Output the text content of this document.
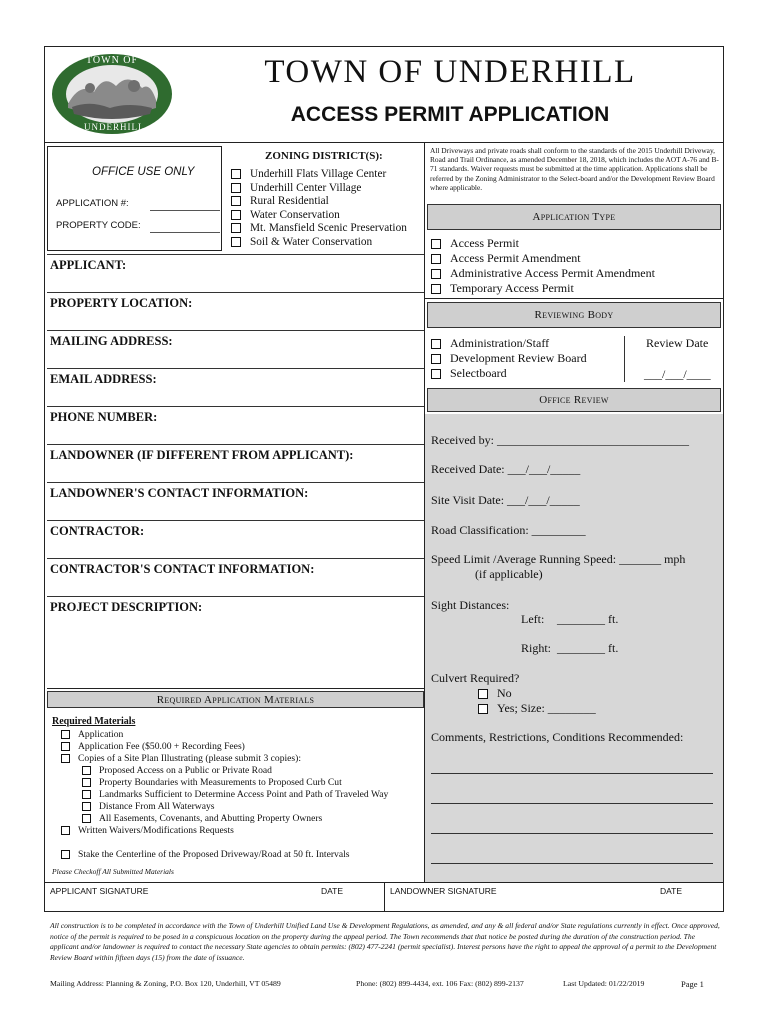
TOWN OF
UNDERHILL
TOWN OF UNDERHILL
ACCESS PERMIT APPLICATION
OFFICE USE ONLY
APPLICATION #:
PROPERTY CODE:
ZONING DISTRICT(S):
Underhill Flats Village Center
Underhill Center Village
Rural Residential
Water Conservation
Mt. Mansfield Scenic Preservation
Soil & Water Conservation
All Driveways and private roads shall conform to the standards of the 2015 Underhill Driveway, Road and Trail Ordinance, as amended December 18, 2018, which includes the AOT A-76 and B-71 standards. Waiver requests must be submitted at the time application. Applications shall be referred by the Zoning Administrator to the Select-board and/or the Development Review Board where applicable.
APPLICANT:
PROPERTY LOCATION:
MAILING ADDRESS:
EMAIL ADDRESS:
PHONE NUMBER:
LANDOWNER (IF DIFFERENT FROM APPLICANT):
LANDOWNER'S CONTACT INFORMATION:
CONTRACTOR:
CONTRACTOR'S CONTACT INFORMATION:
PROJECT DESCRIPTION:
Required Application Materials
Required Materials
Application
Application Fee ($50.00 + Recording Fees)
Copies of a Site Plan Illustrating (please submit 3 copies):
Proposed Access on a Public or Private Road
Property Boundaries with Measurements to Proposed Curb Cut
Landmarks Sufficient to Determine Access Point and Path of Traveled Way
Distance From All Waterways
All Easements, Covenants, and Abutting Property Owners
Written Waivers/Modifications Requests
Stake the Centerline of the Proposed Driveway/Road at 50 ft. Intervals
Please Checkoff All Submitted Materials
Application Type
Access Permit
Access Permit Amendment
Administrative Access Permit Amendment
Temporary Access Permit
Reviewing Body
Administration/Staff
Development Review Board
Selectboard
Review Date
___/___/____
Office Review
Received by: ________________________________
Received Date: ___/___/_____
Site Visit Date: ___/___/_____
Road Classification: _________
Speed Limit /Average Running Speed: _______ mph
(if applicable)
Sight Distances:
Left: ________ ft.
Right: ________ ft.
Culvert Required?
No
Yes; Size: ________
Comments, Restrictions, Conditions Recommended:
APPLICANT SIGNATURE	DATE	LANDOWNER SIGNATURE	DATE
All construction is to be completed in accordance with the Town of Underhill Unified Land Use & Development Regulations, as amended, and any & all federal and/or State regulations currently in effect. Once approved, notice of the permit is required to be posed in a conspicuous location on the property during the appeal period. The Town recommends that that notice be posted during the duration of the construction period. The applicant and/or landowner is required to contact the necessary State agencies to obtain permits: (802) 477-2241 (permit specialist). Interest persons have the right to appeal the approval of a permit to the Development Review Board within fifteen days (15) from the date of issuance.
Mailing Address: Planning & Zoning, P.O. Box 120, Underhill, VT 05489	Phone: (802) 899-4434, ext. 106 Fax: (802) 899-2137	Last Updated: 01/22/2019	Page 1
